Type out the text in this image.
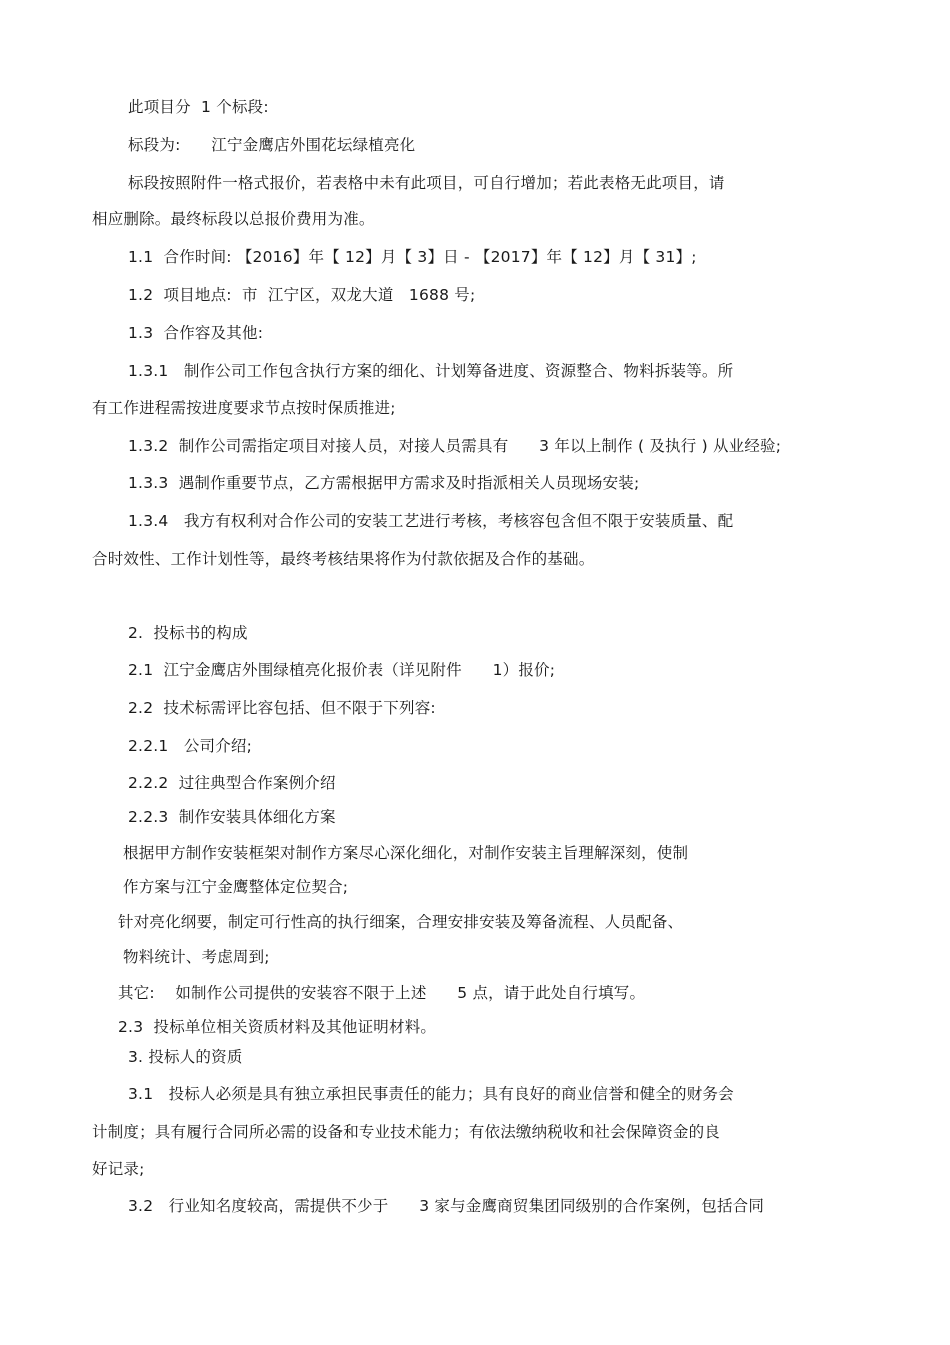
此项目分  1 个标段:
标段为:      江宁金鹰店外围花坛绿植亮化
标段按照附件一格式报价，若表格中未有此项目，可自行增加；若此表格无此项目，请
相应删除。最终标段以总报价费用为准。
1.1  合作时间: 【2016】年【 12】月【 3】日 - 【2017】年【 12】月【 31】;
1.2  项目地点:  市  江宁区，双龙大道   1688 号;
1.3  合作容及其他:
1.3.1   制作公司工作包含执行方案的细化、计划筹备进度、资源整合、物料拆装等。所
有工作进程需按进度要求节点按时保质推进;
1.3.2  制作公司需指定项目对接人员，对接人员需具有      3 年以上制作 ( 及执行 ) 从业经验;
1.3.3  遇制作重要节点，乙方需根据甲方需求及时指派相关人员现场安装;
1.3.4   我方有权利对合作公司的安装工艺进行考核，考核容包含但不限于安装质量、配
合时效性、工作计划性等，最终考核结果将作为付款依据及合作的基础。
2.  投标书的构成
2.1  江宁金鹰店外围绿植亮化报价表（详见附件      1）报价;
2.2  技术标需评比容包括、但不限于下列容:
2.2.1   公司介绍;
2.2.2  过往典型合作案例介绍
2.2.3  制作安装具体细化方案
根据甲方制作安装框架对制作方案尽心深化细化，对制作安装主旨理解深刻，使制
作方案与江宁金鹰整体定位契合;
针对亮化纲要，制定可行性高的执行细案，合理安排安装及筹备流程、人员配备、
物料统计、考虑周到;
其它:    如制作公司提供的安装容不限于上述      5 点，请于此处自行填写。
2.3  投标单位相关资质材料及其他证明材料。
3. 投标人的资质
3.1   投标人必须是具有独立承担民事责任的能力；具有良好的商业信誉和健全的财务会
计制度；具有履行合同所必需的设备和专业技术能力；有依法缴纳税收和社会保障资金的良
好记录;
3.2   行业知名度较高，需提供不少于      3 家与金鹰商贸集团同级别的合作案例，包括合同
